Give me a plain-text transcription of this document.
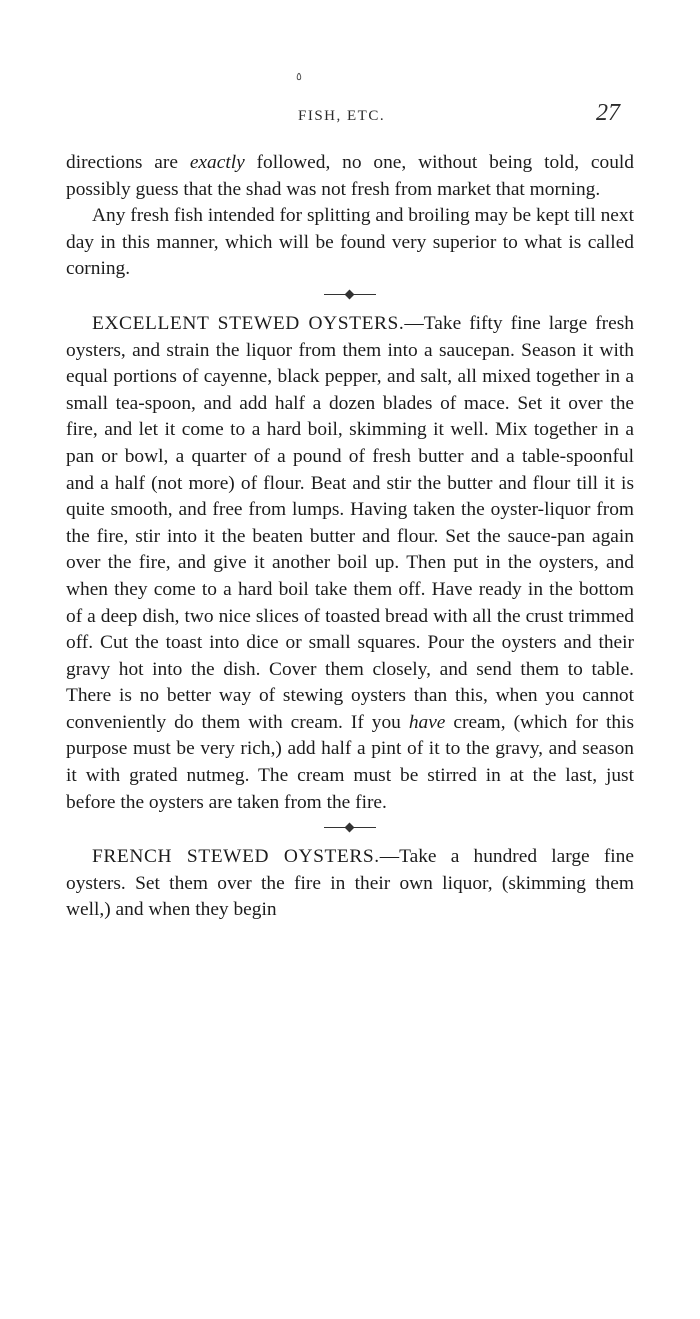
٥

FISH, ETC.	27

directions are exactly followed, no one, without being told, could possibly guess that the shad was not fresh from market that morning.

Any fresh fish intended for splitting and broiling may be kept till next day in this manner, which will be found very superior to what is called corning.

EXCELLENT STEWED OYSTERS.—Take fifty fine large fresh oysters, and strain the liquor from them into a saucepan. Season it with equal portions of cayenne, black pepper, and salt, all mixed together in a small tea-spoon, and add half a dozen blades of mace. Set it over the fire, and let it come to a hard boil, skimming it well. Mix together in a pan or bowl, a quarter of a pound of fresh butter and a table-spoonful and a half (not more) of flour. Beat and stir the butter and flour till it is quite smooth, and free from lumps. Having taken the oyster-liquor from the fire, stir into it the beaten butter and flour. Set the sauce-pan again over the fire, and give it another boil up. Then put in the oysters, and when they come to a hard boil take them off. Have ready in the bottom of a deep dish, two nice slices of toasted bread with all the crust trimmed off. Cut the toast into dice or small squares. Pour the oysters and their gravy hot into the dish. Cover them closely, and send them to table. There is no better way of stewing oysters than this, when you cannot conveniently do them with cream. If you have cream, (which for this purpose must be very rich,) add half a pint of it to the gravy, and season it with grated nutmeg. The cream must be stirred in at the last, just before the oysters are taken from the fire.

FRENCH STEWED OYSTERS.—Take a hundred large fine oysters. Set them over the fire in their own liquor, (skimming them well,) and when they begin
